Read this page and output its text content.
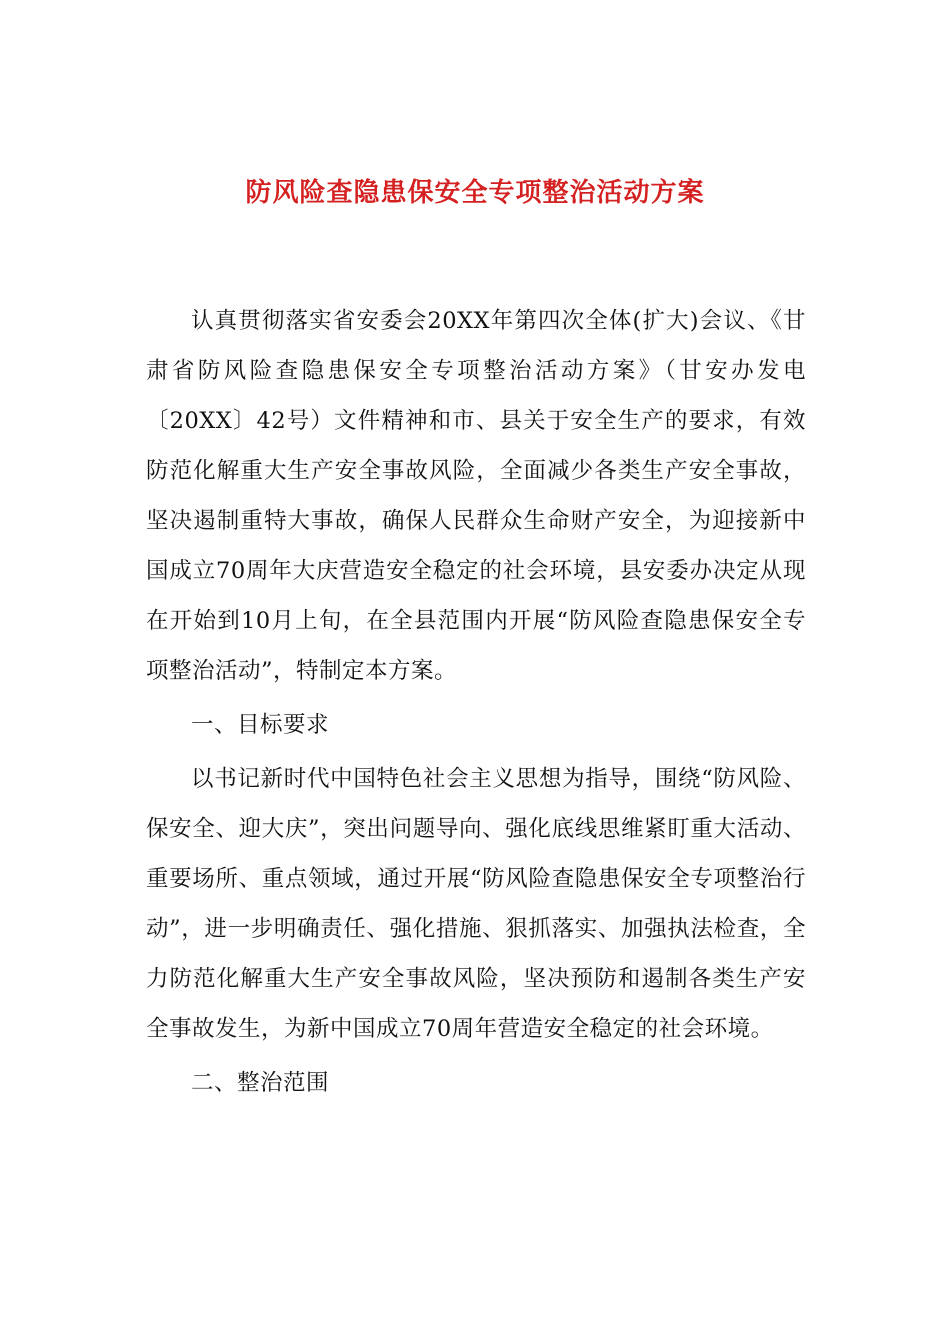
防风险查隐患保安全专项整治活动方案

认真贯彻落实省安委会20XX年第四次全体(扩大)会议、《甘肃省防风险查隐患保安全专项整治活动方案》（甘安办发电〔20XX〕42号）文件精神和市、县关于安全生产的要求，有效防范化解重大生产安全事故风险，全面减少各类生产安全事故，坚决遏制重特大事故，确保人民群众生命财产安全，为迎接新中国成立70周年大庆营造安全稳定的社会环境，县安委办决定从现在开始到10月上旬，在全县范围内开展“防风险查隐患保安全专项整治活动”，特制定本方案。

一、目标要求

以书记新时代中国特色社会主义思想为指导，围绕“防风险、保安全、迎大庆”，突出问题导向、强化底线思维紧盯重大活动、重要场所、重点领域，通过开展“防风险查隐患保安全专项整治行动”，进一步明确责任、强化措施、狠抓落实、加强执法检查，全力防范化解重大生产安全事故风险，坚决预防和遏制各类生产安全事故发生，为新中国成立70周年营造安全稳定的社会环境。

二、整治范围
